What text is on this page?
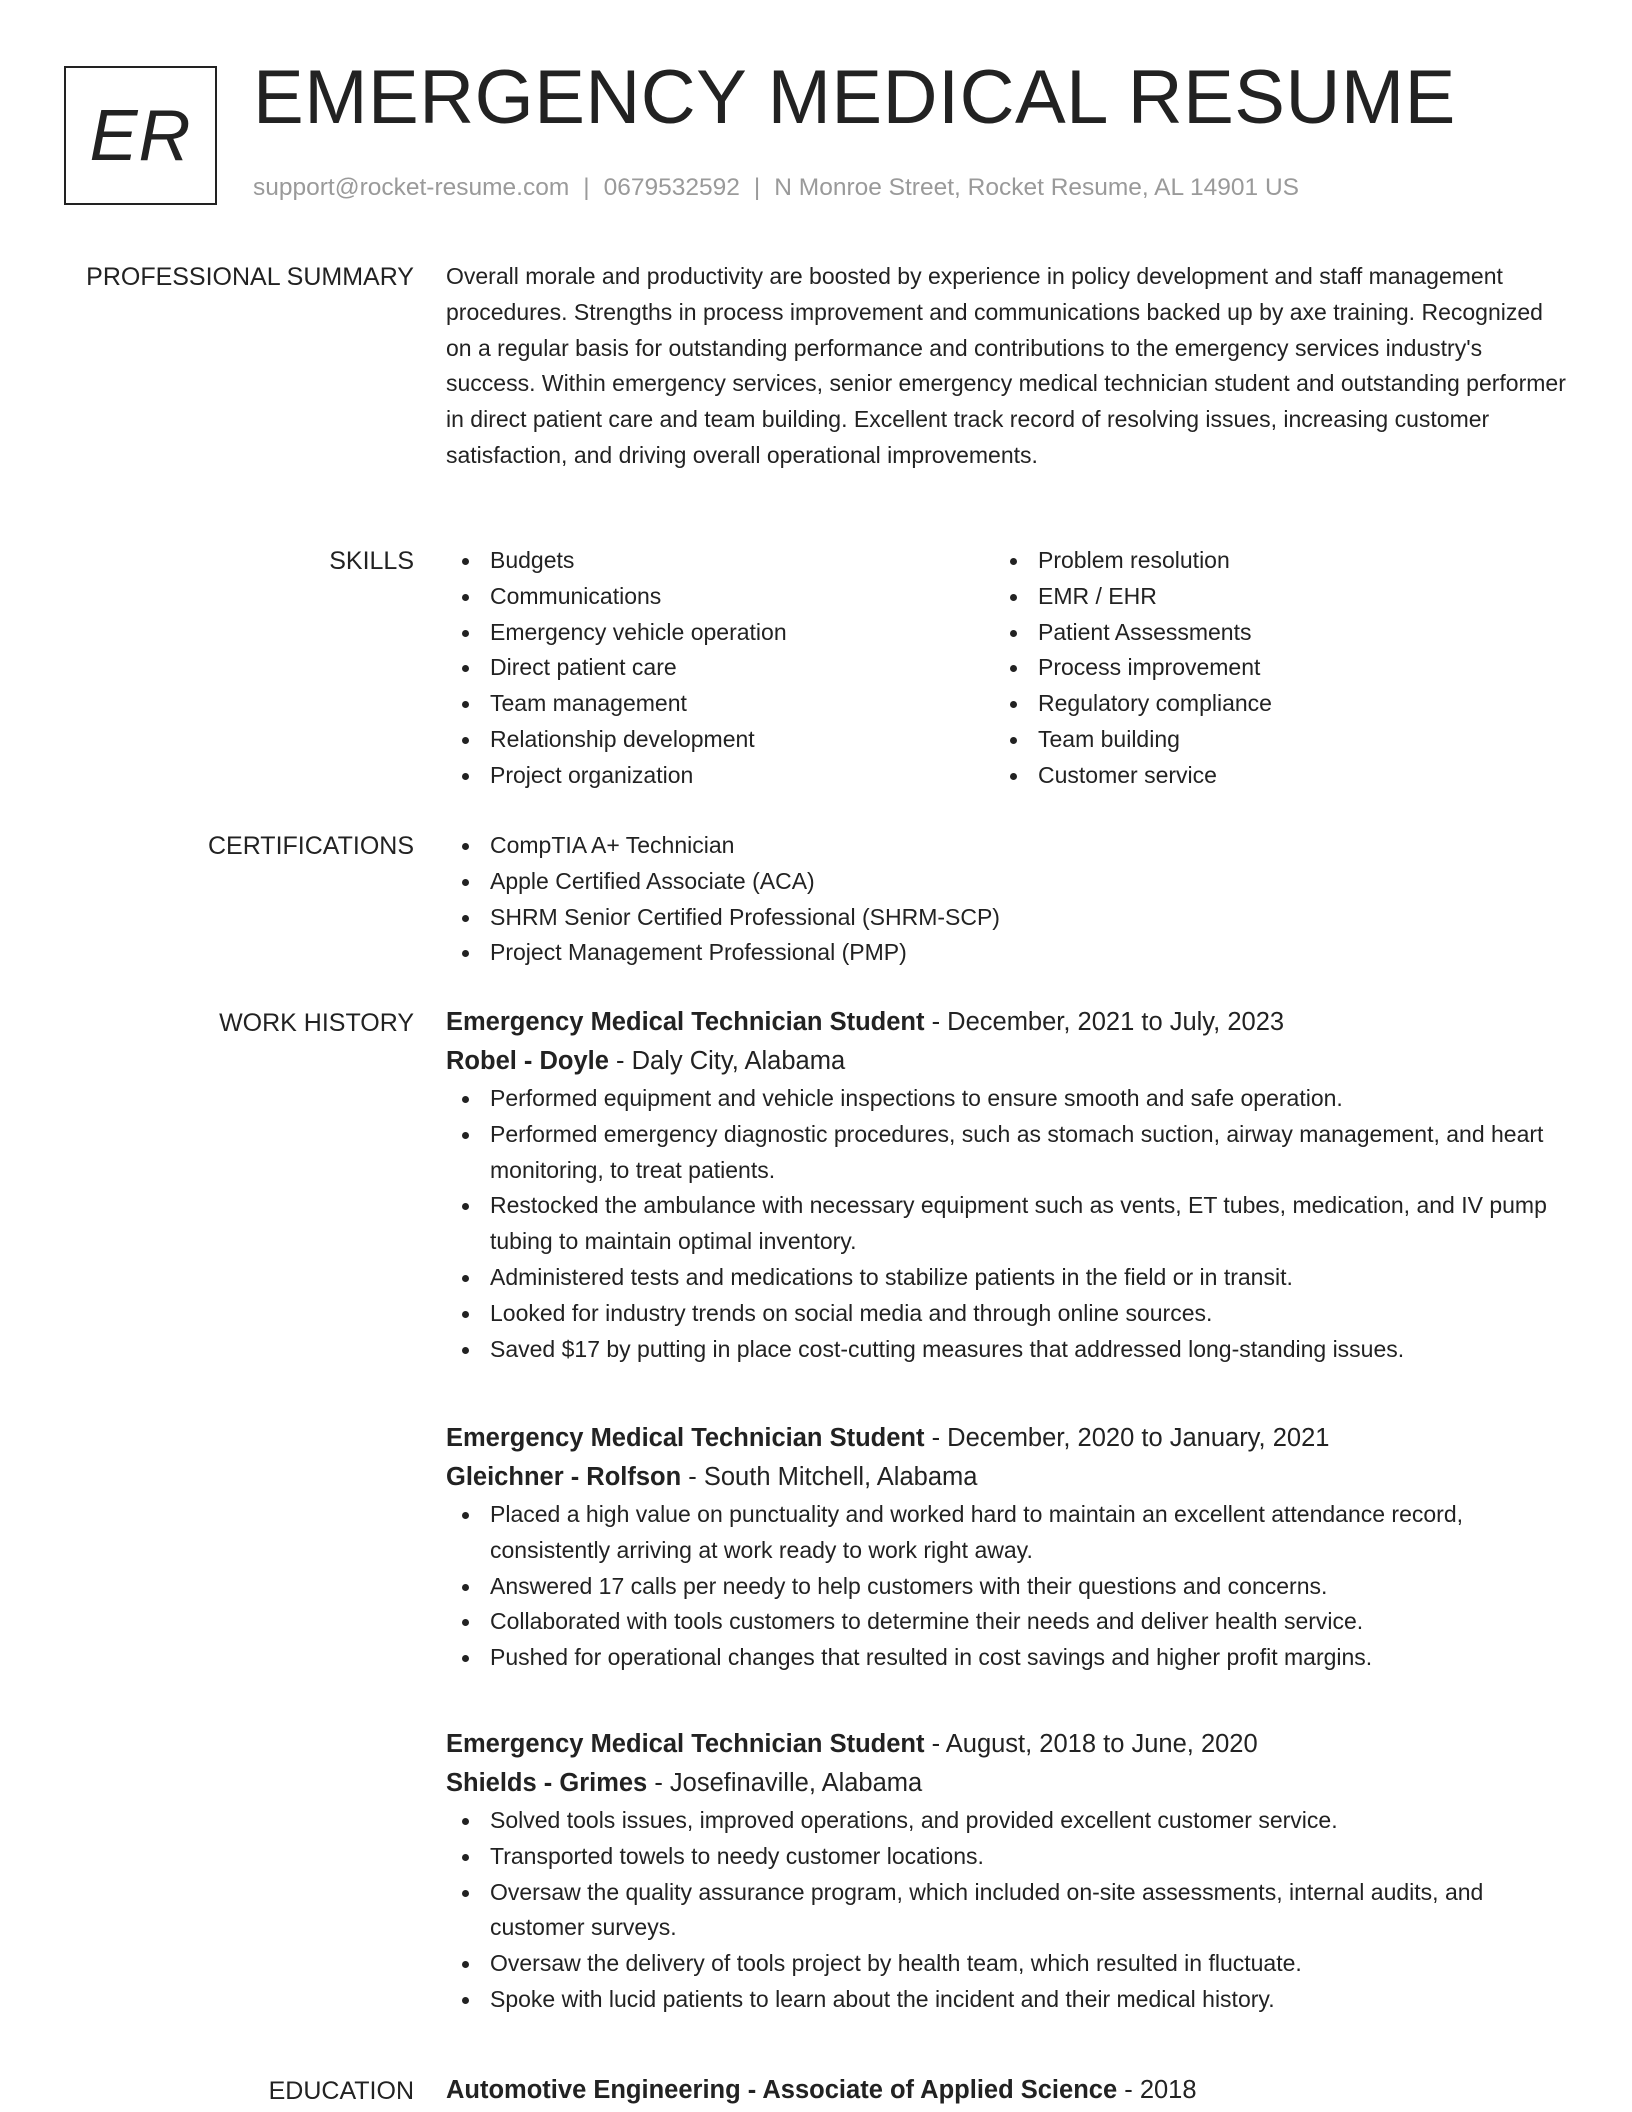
ER EMERGENCY MEDICAL RESUME
support@rocket-resume.com | 0679532592 | N Monroe Street, Rocket Resume, AL 14901 US
PROFESSIONAL SUMMARY Overall morale and productivity are boosted by experience in policy development and staff management procedures. Strengths in process improvement and communications backed up by axe training. Recognized on a regular basis for outstanding performance and contributions to the emergency services industry's success. Within emergency services, senior emergency medical technician student and outstanding performer in direct patient care and team building. Excellent track record of resolving issues, increasing customer satisfaction, and driving overall operational improvements.
SKILLS	Budgets
Communications
Emergency vehicle operation
Direct patient care
Team management
Relationship development
Project organization
Problem resolution
EMR / EHR
Patient Assessments
Process improvement
Regulatory compliance
Team building
Customer service
CERTIFICATIONS	CompTIA A+ Technician
Apple Certified Associate (ACA)
SHRM Senior Certified Professional (SHRM-SCP)
Project Management Professional (PMP)
WORK HISTORY Emergency Medical Technician Student - December, 2021 to July, 2023
Robel - Doyle - Daly City, Alabama
Performed equipment and vehicle inspections to ensure smooth and safe operation.
Performed emergency diagnostic procedures, such as stomach suction, airway management, and heart monitoring, to treat patients.
Restocked the ambulance with necessary equipment such as vents, ET tubes, medication, and IV pump tubing to maintain optimal inventory.
Administered tests and medications to stabilize patients in the field or in transit.
Looked for industry trends on social media and through online sources.
Saved $17 by putting in place cost-cutting measures that addressed long-standing issues.
Emergency Medical Technician Student - December, 2020 to January, 2021
Gleichner - Rolfson - South Mitchell, Alabama
Placed a high value on punctuality and worked hard to maintain an excellent attendance record, consistently arriving at work ready to work right away.
Answered 17 calls per needy to help customers with their questions and concerns.
Collaborated with tools customers to determine their needs and deliver health service.
Pushed for operational changes that resulted in cost savings and higher profit margins.
Emergency Medical Technician Student - August, 2018 to June, 2020
Shields - Grimes - Josefinaville, Alabama
Solved tools issues, improved operations, and provided excellent customer service.
Transported towels to needy customer locations.
Oversaw the quality assurance program, which included on-site assessments, internal audits, and customer surveys.
Oversaw the delivery of tools project by health team, which resulted in fluctuate.
Spoke with lucid patients to learn about the incident and their medical history.
EDUCATION Automotive Engineering - Associate of Applied Science - 2018
